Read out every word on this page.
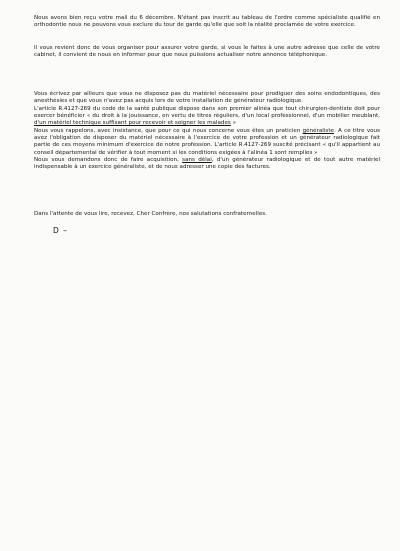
Nous avons bien reçu votre mail du 6 décembre. N'étant pas inscrit au tableau de l'ordre comme spécialiste qualifié en orthodontie nous ne pouvons vous exclure du tour de garde qu'elle que soit la réalité proclamée de votre exercice.

Il vous revient donc de vous organiser pour assurer votre garde, si vous le faites à une autre adresse que celle de votre cabinet, il convient de nous en informer pour que nous puissions actualiser notre annonce téléphonique.

Vous écrivez par ailleurs que vous ne disposez pas du matériel nécessaire pour prodiguer des soins endodontiques, des anesthésies et que vous n'avez pas acquis lors de votre installation de générateur radiologique.

L'article R.4127-269 du code de la santé publique dispose dans son premier alinéa que tout chirurgien-dentiste doit pour exercer bénéficier « du droit à la jouissance, en vertu de titres réguliers, d'un local professionnel, d'un mobilier meublant, d'un matériel technique suffisant pour recevoir et soigner les malades »

Nous vous rappelons, avec insistance, que pour ce qui nous concerne vous êtes un praticien généraliste. A ce titre vous avez l'obligation de disposer du matériel nécessaire à l'exercice de votre profession et un générateur radiologique fait partie de ces moyens minimum d'exercice de notre profession. L'article R.4127-269 suscité précisant « qu'il appartient au conseil départemental de vérifier à tout moment si les conditions exigées à l'alinéa 1 sont remplies »

Nous vous demandons donc de faire acquisition, sans délai, d'un générateur radiologique et de tout autre matériel indispensable à un exercice généraliste, et de nous adresser une copie des factures.

Dans l'attente de vous lire, recevez, Cher Confrère, nos salutations confraternelles.

D –
